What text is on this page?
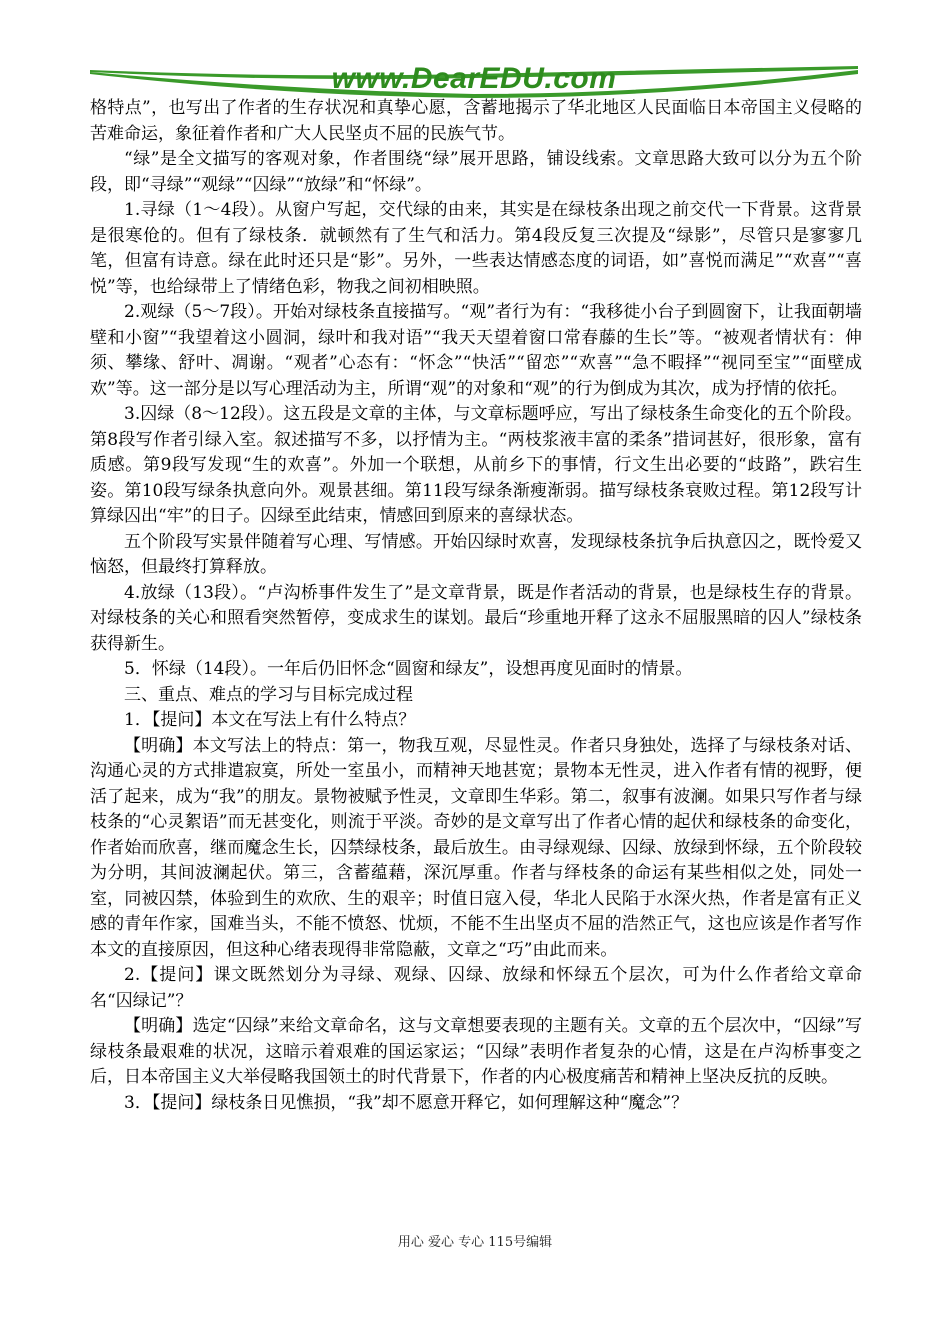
www.DearEDU.com

格特点”，也写出了作者的生存状况和真挚心愿，含蓄地揭示了华北地区人民面临日本帝国主义侵略的苦难命运，象征着作者和广大人民坚贞不屈的民族气节。

“绿”是全文描写的客观对象，作者围绕“绿”展开思路，铺设线索。文章思路大致可以分为五个阶段，即“寻绿”“观绿”“囚绿”“放绿”和“怀绿”。

1.寻绿（1～4段）。从窗户写起，交代绿的由来，其实是在绿枝条出现之前交代一下背景。这背景是很寒伧的。但有了绿枝条．就顿然有了生气和活力。第4段反复三次提及“绿影”，尽管只是寥寥几笔，但富有诗意。绿在此时还只是“影”。另外，一些表达情感态度的词语，如”喜悦而满足”“欢喜”“喜悦”等，也给绿带上了情绪色彩，物我之间初相映照。

2.观绿（5～7段）。开始对绿枝条直接描写。“观”者行为有：“我移徙小台子到圆窗下，让我面朝墙壁和小窗”“我望着这小圆洞，绿叶和我对语”“我天天望着窗口常春藤的生长”等。“被观者情状有：伸须、攀缘、舒叶、凋谢。“观者”心态有：“怀念”“快活”“留恋”“欢喜”“急不暇择”“视同至宝”“面壁成欢”等。这一部分是以写心理活动为主，所谓“观”的对象和“观”的行为倒成为其次，成为抒情的依托。

3.囚绿（8～12段）。这五段是文章的主体，与文章标题呼应，写出了绿枝条生命变化的五个阶段。第8段写作者引绿入室。叙述描写不多，以抒情为主。“两枝浆液丰富的柔条”措词甚好，很形象，富有质感。第9段写发现“生的欢喜”。外加一个联想，从前乡下的事情，行文生出必要的“歧路”，跌宕生姿。第10段写绿条执意向外。观景甚细。第11段写绿条渐瘦渐弱。描写绿枝条衰败过程。第12段写计算绿囚出“牢”的日子。囚绿至此结束，情感回到原来的喜绿状态。

五个阶段写实景伴随着写心理、写情感。开始囚绿时欢喜，发现绿枝条抗争后执意囚之，既怜爱又恼怒，但最终打算释放。

4.放绿（13段）。“卢沟桥事件发生了”是文章背景，既是作者活动的背景，也是绿枝生存的背景。对绿枝条的关心和照看突然暂停，变成求生的谋划。最后“珍重地开释了这永不屈服黑暗的囚人”绿枝条获得新生。

5．怀绿（14段）。一年后仍旧怀念“圆窗和绿友”，设想再度见面时的情景。

三、重点、难点的学习与目标完成过程

1．【提问】本文在写法上有什么特点？

【明确】本文写法上的特点：第一，物我互观，尽显性灵。作者只身独处，选择了与绿枝条对话、沟通心灵的方式排遣寂寞，所处一室虽小，而精神天地甚宽；景物本无性灵，进入作者有情的视野，便活了起来，成为“我”的朋友。景物被赋予性灵，文章即生华彩。第二，叙事有波澜。如果只写作者与绿枝条的“心灵絮语”而无甚变化，则流于平淡。奇妙的是文章写出了作者心情的起伏和绿枝条的命变化，作者始而欣喜，继而魔念生长，囚禁绿枝条，最后放生。由寻绿观绿、囚绿、放绿到怀绿，五个阶段较为分明，其间波澜起伏。第三，含蓄蕴藉，深沉厚重。作者与绎枝条的命运有某些相似之处，同处一室，同被囚禁，体验到生的欢欣、生的艰辛；时值日寇入侵，华北人民陷于水深火热，作者是富有正义感的青年作家，国难当头，不能不愤怒、忧烦，不能不生出坚贞不屈的浩然正气，这也应该是作者写作本文的直接原因，但这种心绪表现得非常隐蔽，文章之“巧”由此而来。

2.【提问】课文既然划分为寻绿、观绿、囚绿、放绿和怀绿五个层次，可为什么作者给文章命名“囚绿记”？

【明确】选定“囚绿”来给文章命名，这与文章想要表现的主题有关。文章的五个层次中，“囚绿”写绿枝条最艰难的状况，这暗示着艰难的国运家运；“囚绿”表明作者复杂的心情，这是在卢沟桥事变之后，日本帝国主义大举侵略我国领土的时代背景下，作者的内心极度痛苦和精神上坚决反抗的反映。

3．【提问】绿枝条日见憔损，“我”却不愿意开释它，如何理解这种“魔念”？

用心 爱心 专心 115号编辑
